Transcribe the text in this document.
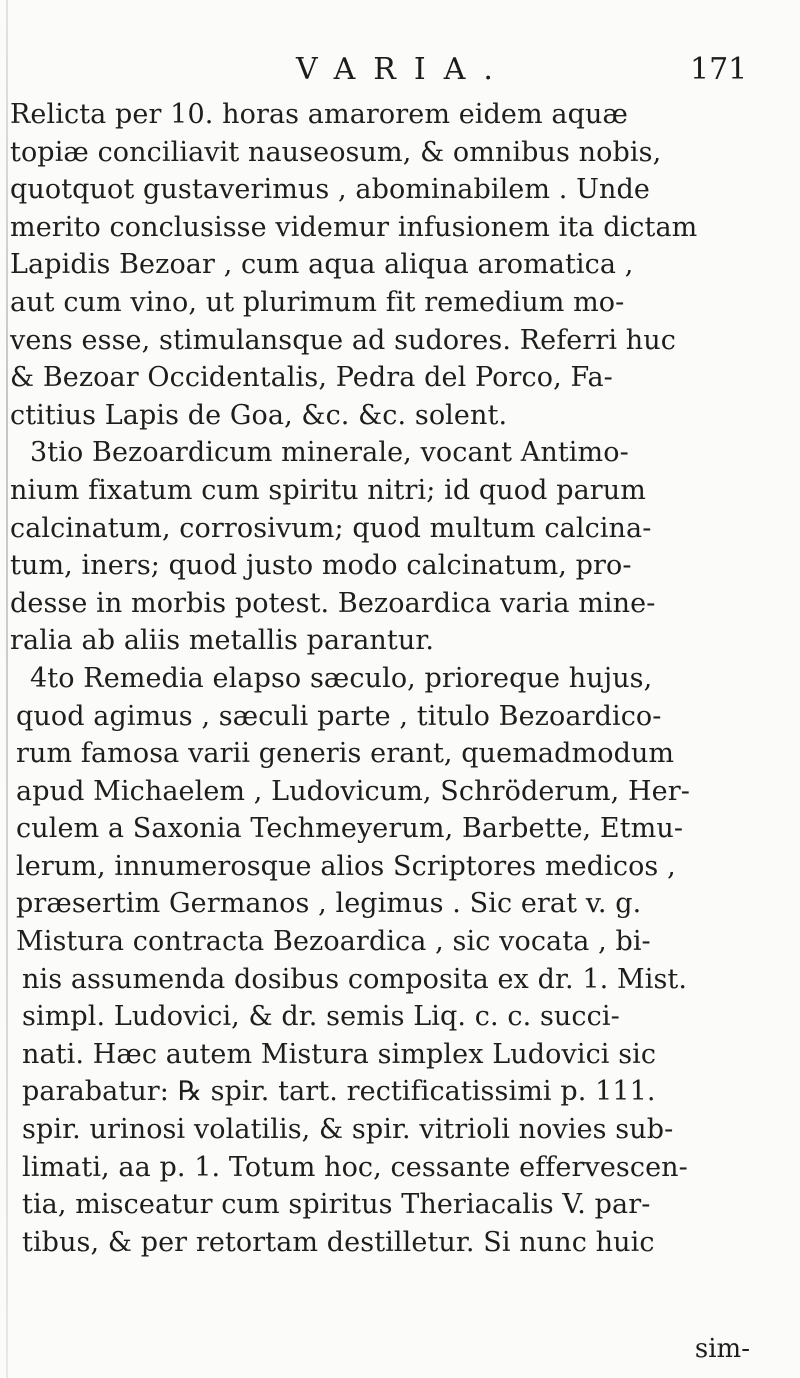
VARIA.	171
Relicta per 10. horas amarorem eidem aquæ
topiæ conciliavit nauseosum, & omnibus nobis,
quotquot gustaverimus , abominabilem . Unde
merito conclusisse videmur infusionem ita dictam
Lapidis Bezoar , cum aqua aliqua aromatica ,
aut cum vino, ut plurimum fit remedium mo-
vens esse, stimulansque ad sudores. Referri huc
& Bezoar Occidentalis, Pedra del Porco, Fa-
ctitius Lapis de Goa, &c. &c. solent.
3tio Bezoardicum minerale, vocant Antimo-
nium fixatum cum spiritu nitri; id quod parum
calcinatum, corrosivum; quod multum calcina-
tum, iners; quod justo modo calcinatum, pro-
desse in morbis potest. Bezoardica varia mine-
ralia ab aliis metallis parantur.
4to Remedia elapso sæculo, prioreque hujus,
quod agimus , sæculi parte , titulo Bezoardico-
rum famosa varii generis erant, quemadmodum
apud Michaelem , Ludovicum, Schröderum, Her-
culem a Saxonia Techmeyerum, Barbette, Etmu-
lerum, innumerosque alios Scriptores medicos ,
præsertim Germanos , legimus . Sic erat v. g.
Mistura contracta Bezoardica , sic vocata , bi-
nis assumenda dosibus composita ex dr. 1. Mist.
simpl. Ludovici, & dr. semis Liq. c. c. succi-
nati. Hæc autem Mistura simplex Ludovici sic
parabatur: ℞ spir. tart. rectificatissimi p. 111.
spir. urinosi volatilis, & spir. vitrioli novies sub-
limati, aa p. 1. Totum hoc, cessante effervescen-
tia, misceatur cum spiritus Theriacalis V. par-
tibus, & per retortam destilletur. Si nunc huic
sim-
